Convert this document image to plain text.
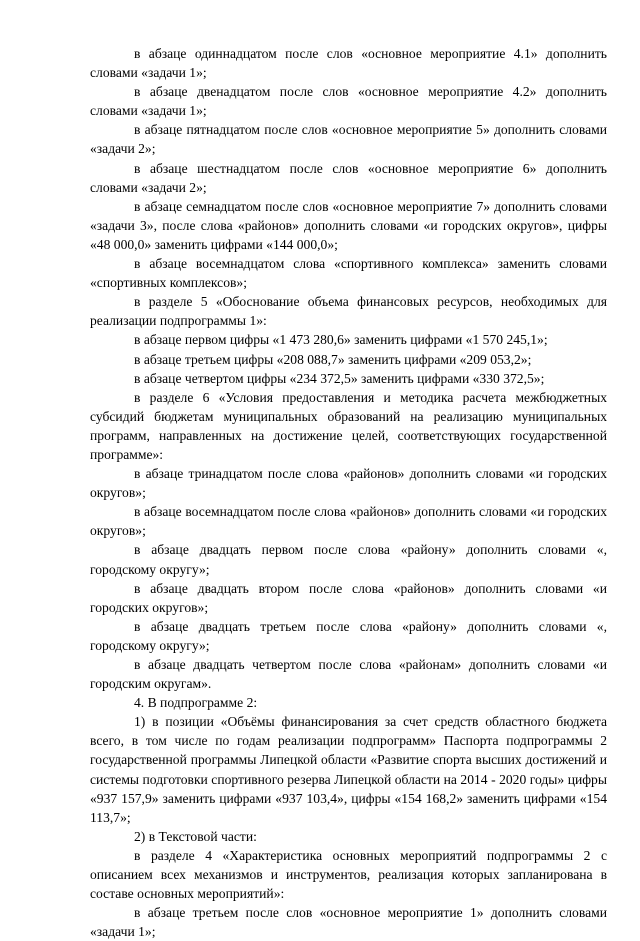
в абзаце одиннадцатом после слов «основное мероприятие 4.1» дополнить словами «задачи 1»;

в абзаце двенадцатом после слов «основное мероприятие 4.2» дополнить словами «задачи 1»;

в абзаце пятнадцатом после слов «основное мероприятие 5» дополнить словами «задачи 2»;

в абзаце шестнадцатом после слов «основное мероприятие 6» дополнить словами «задачи 2»;

в абзаце семнадцатом после слов «основное мероприятие 7» дополнить словами «задачи 3», после слова «районов» дополнить словами «и городских округов», цифры «48 000,0» заменить цифрами «144 000,0»;

в абзаце восемнадцатом слова «спортивного комплекса» заменить словами «спортивных комплексов»;

в разделе 5 «Обоснование объема финансовых ресурсов, необходимых для реализации подпрограммы 1»:

в абзаце первом цифры «1 473 280,6» заменить цифрами «1 570 245,1»;

в абзаце третьем цифры «208 088,7» заменить цифрами «209 053,2»;

в абзаце четвертом цифры «234 372,5» заменить цифрами «330 372,5»;

в разделе 6 «Условия предоставления и методика расчета межбюджетных субсидий бюджетам муниципальных образований на реализацию муниципальных программ, направленных на достижение целей, соответствующих государственной программе»:

в абзаце тринадцатом после слова «районов» дополнить словами «и городских округов»;

в абзаце восемнадцатом после слова «районов» дополнить словами «и городских округов»;

в абзаце двадцать первом после слова «району» дополнить словами «, городскому округу»;

в абзаце двадцать втором после слова «районов» дополнить словами «и городских округов»;

в абзаце двадцать третьем после слова «району» дополнить словами «, городскому округу»;

в абзаце двадцать четвертом после слова «районам» дополнить словами «и городским округам».

4. В подпрограмме 2:

1) в позиции «Объёмы финансирования за счет средств областного бюджета всего, в том числе по годам реализации подпрограмм» Паспорта подпрограммы 2 государственной программы Липецкой области «Развитие спорта высших достижений и системы подготовки спортивного резерва Липецкой области на 2014 - 2020 годы» цифры «937 157,9» заменить цифрами «937 103,4», цифры «154 168,2» заменить цифрами «154 113,7»;

2) в Текстовой части:

в разделе 4 «Характеристика основных мероприятий подпрограммы 2 с описанием всех механизмов и инструментов, реализация которых запланирована в составе основных мероприятий»:

в абзаце третьем после слов «основное мероприятие 1» дополнить словами «задачи 1»;
